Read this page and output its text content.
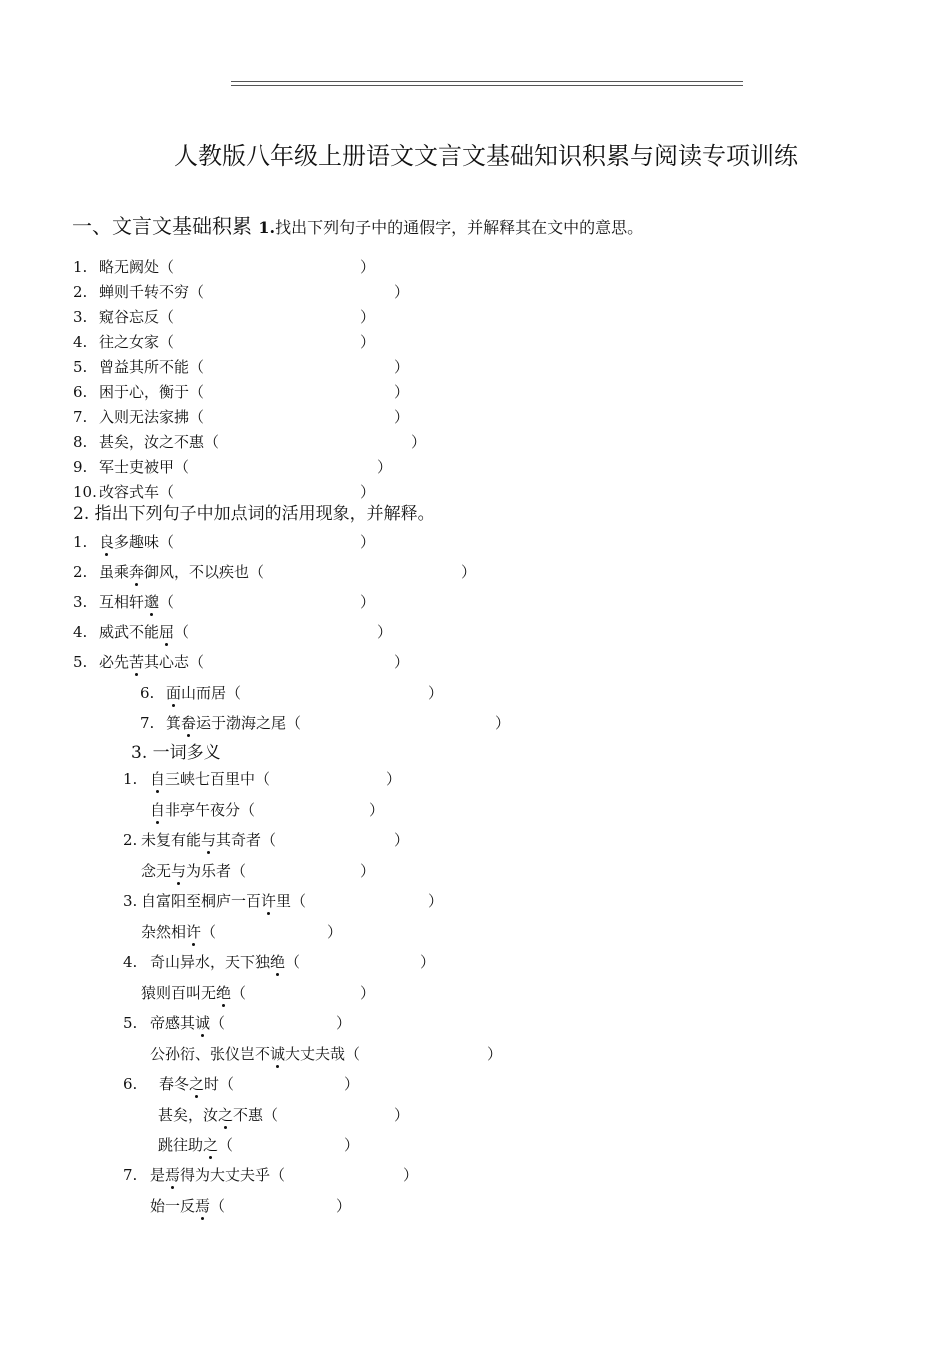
人教版八年级上册语文文言文基础知识积累与阅读专项训练
一、文言文基础积累 1.找出下列句子中的通假字，并解释其在文中的意思。
1. 略无阙处（	）
2. 蝉则千转不穷（	）
3. 窥谷忘反（	）
4. 往之女家（	）
5. 曾益其所不能（	）
6. 困于心，衡于（	）
7. 入则无法家拂（	）
8. 甚矣，汝之不惠（	）
9. 军士吏被甲（	）
10. 改容式车（	）
2. 指出下列句子中加点词的活用现象，并解释。
1. 良多趣味（	）
2. 虽乘奔御风，不以疾也（	）
3. 互相轩邈（	）
4. 威武不能屈（	）
5. 必先苦其心志（	）
6. 面山而居（	）
7. 箕畚运于渤海之尾（	）
3. 一词多义
1. 自三峡七百里中（	）
自非亭午夜分（	）
2. 未复有能与其奇者（	）
念无与为乐者（	）
3. 自富阳至桐庐一百许里（	）
杂然相许（	）
4. 奇山异水，天下独绝（	）
猿则百叫无绝（	）
5. 帝感其诚（	）
公孙衍、张仪岂不诚大丈夫哉（	）
6. 春冬之时（	）
甚矣，汝之不惠（	）
跳往助之（	）
7. 是焉得为大丈夫乎（	）
始一反焉（	）
